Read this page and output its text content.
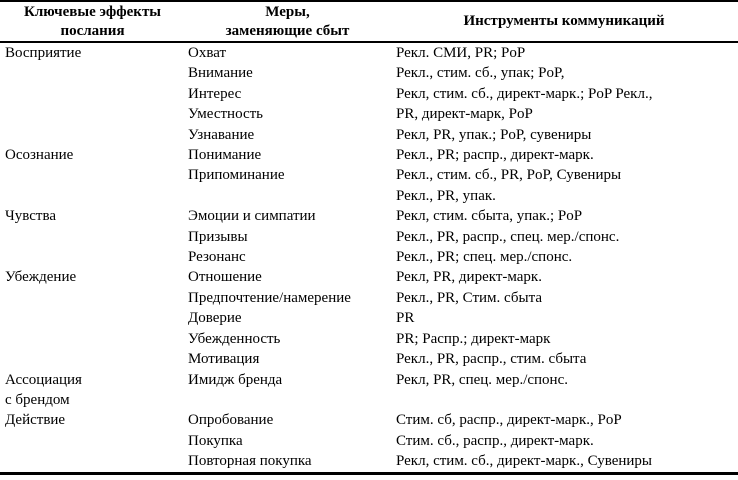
Ключевые эффекты
послания	Меры,
заменяющие сбыт	Инструменты коммуникаций

Восприятие	Охват	Рекл. СМИ, PR; PoP
	Внимание	Рекл., стим. сб., упак; PoP,
	Интерес	Рекл, стим. сб., директ-марк.; PoP Рекл.,
	Уместность	PR, директ-марк, PoP
	Узнавание	Рекл, PR, упак.; PoP, сувениры
Осознание	Понимание	Рекл., PR; распр., директ-марк.
	Припоминание	Рекл., стим. сб., PR, PoP, Сувениры
		Рекл., PR, упак.
Чувства	Эмоции и симпатии	Рекл, стим. сбыта, упак.; PoP
	Призывы	Рекл., PR, распр., спец. мер./спонс.
	Резонанс	Рекл., PR; спец. мер./спонс.
Убеждение	Отношение	Рекл, PR, директ-марк.
	Предпочтение/намерение	Рекл., PR, Стим. сбыта
	Доверие	PR
	Убежденность	PR; Распр.; директ-марк
	Мотивация	Рекл., PR, распр., стим. сбыта
Ассоциация	Имидж бренда	Рекл, PR, спец. мер./спонс.
с брендом		
Действие	Опробование	Стим. сб, распр., директ-марк., PoP
	Покупка	Стим. сб., распр., директ-марк.
	Повторная покупка	Рекл, стим. сб., директ-марк., Сувениры
